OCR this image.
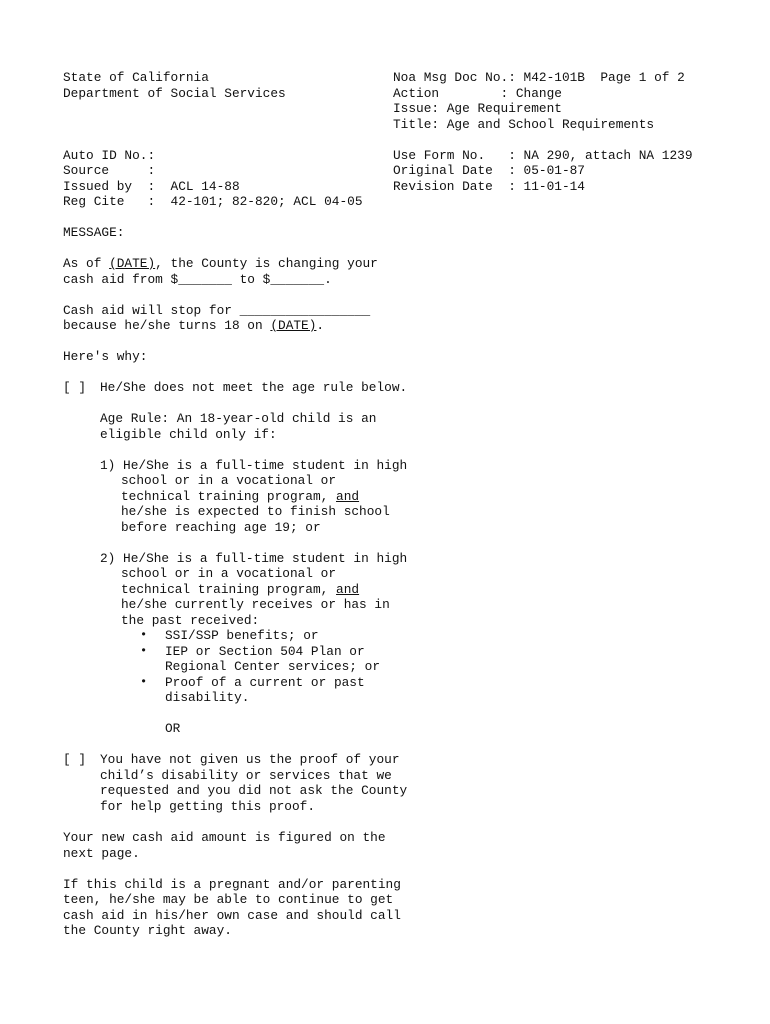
State of California
Department of Social Services
Noa Msg Doc No.: M42-101B  Page 1 of 2
Action        : Change
Issue: Age Requirement
Title: Age and School Requirements
Auto ID No.:
Source     :
Issued by  :  ACL 14-88
Reg Cite   :  42-101; 82-820; ACL 04-05
Use Form No.   : NA 290, attach NA 1239
Original Date  : 05-01-87
Revision Date  : 11-01-14
MESSAGE:
As of (DATE), the County is changing your
cash aid from $_______ to $_______.
Cash aid will stop for _________________
because he/she turns 18 on (DATE).
Here's why:
[ ] He/She does not meet the age rule below.
Age Rule: An 18-year-old child is an
eligible child only if:
1) He/She is a full-time student in high
school or in a vocational or
technical training program, and
he/she is expected to finish school
before reaching age 19; or
2) He/She is a full-time student in high
school or in a vocational or
technical training program, and
he/she currently receives or has in
the past received:
• SSI/SSP benefits; or
• IEP or Section 504 Plan or
Regional Center services; or
• Proof of a current or past
disability.
OR
[ ] You have not given us the proof of your
child’s disability or services that we
requested and you did not ask the County
for help getting this proof.
Your new cash aid amount is figured on the
next page.
If this child is a pregnant and/or parenting
teen, he/she may be able to continue to get
cash aid in his/her own case and should call
the County right away.
